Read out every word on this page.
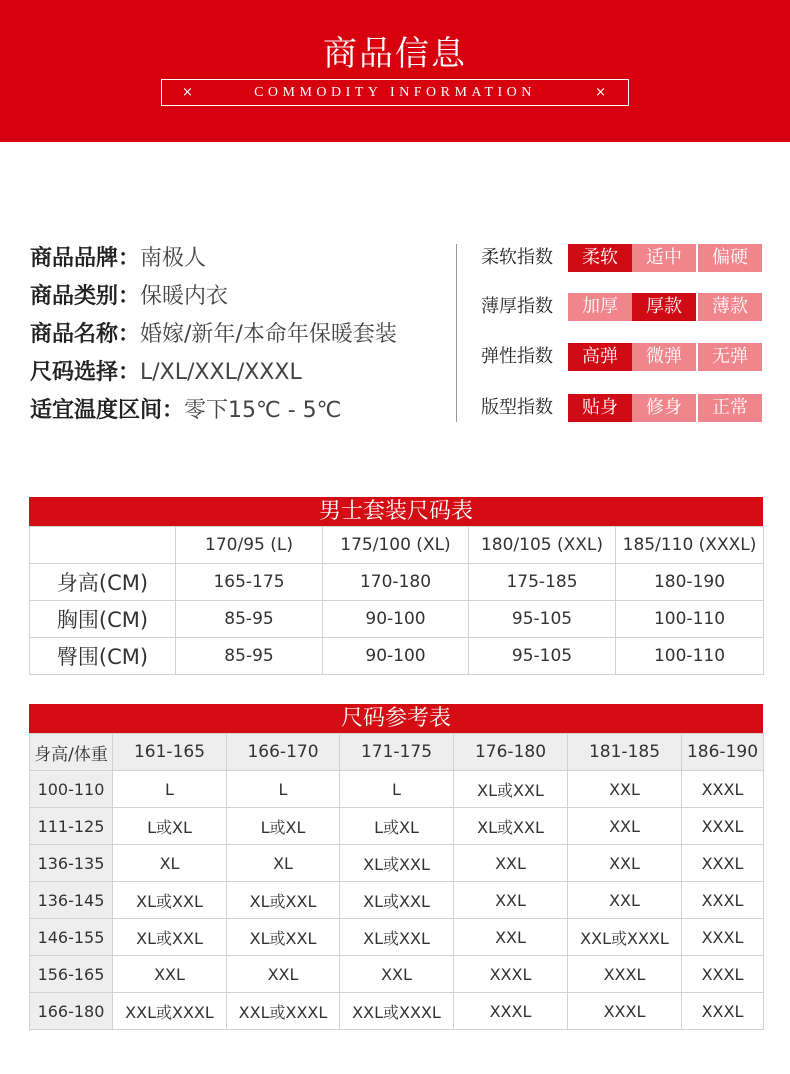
商品信息
×	COMMODITY INFORMATION	×
商品品牌：南极人
商品类别：保暖内衣
商品名称：婚嫁/新年/本命年保暖套装
尺码选择：L/XL/XXL/XXXL
适宜温度区间：零下15℃ - 5℃
柔软指数	柔软	适中	偏硬
薄厚指数	加厚	厚款	薄款
弹性指数	高弹	微弹	无弹
版型指数	贴身	修身	正常
男士套装尺码表
	170/95 (L)	175/100 (XL)	180/105 (XXL)	185/110 (XXXL)
身高(CM)	165-175	170-180	175-185	180-190
胸围(CM)	85-95	90-100	95-105	100-110
臀围(CM)	85-95	90-100	95-105	100-110
尺码参考表
身高/体重	161-165	166-170	171-175	176-180	181-185	186-190
100-110	L	L	L	XL或XXL	XXL	XXXL
111-125	L或XL	L或XL	L或XL	XL或XXL	XXL	XXXL
136-135	XL	XL	XL或XXL	XXL	XXL	XXXL
136-145	XL或XXL	XL或XXL	XL或XXL	XXL	XXL	XXXL
146-155	XL或XXL	XL或XXL	XL或XXL	XXL	XXL或XXXL	XXXL
156-165	XXL	XXL	XXL	XXXL	XXXL	XXXL
166-180	XXL或XXXL	XXL或XXXL	XXL或XXXL	XXXL	XXXL	XXXL
